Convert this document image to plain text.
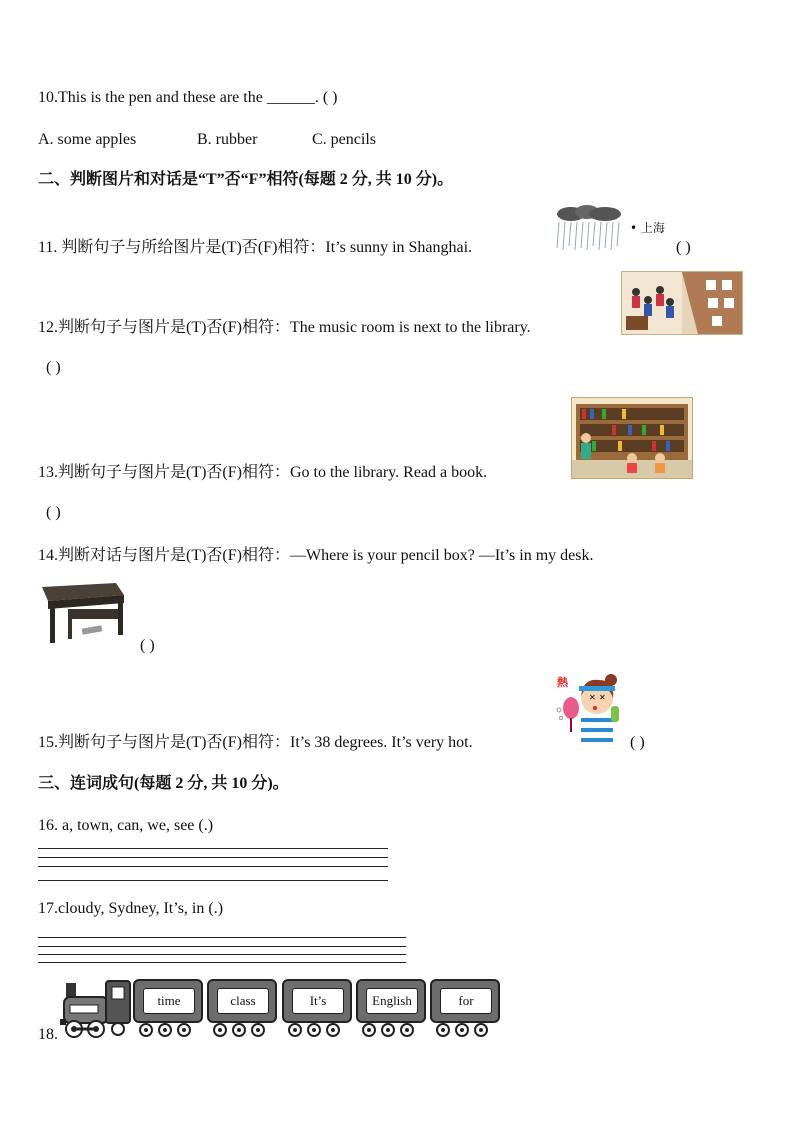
10.This is the pen and these are the ______. ( )
A. some apples	B. rubber	C. pencils
二、判断图片和对话是“T”否“F”相符(每题 2 分, 共 10 分)。
11. 判断句子与所给图片是(T)否(F)相符：It’s sunny in Shanghai.
• 上海
( )
12.判断句子与图片是(T)否(F)相符：The music room is next to the library.
( )
13.判断句子与图片是(T)否(F)相符：Go to the library. Read a book.
( )
14.判断对话与图片是(T)否(F)相符：—Where is your pencil box? —It’s in my desk.
( )
15.判断句子与图片是(T)否(F)相符：It’s 38 degrees. It’s very hot.
✕ ✕
熱
( )
三、连词成句(每题 2 分, 共 10 分)。
16. a, town, can, we, see (.)
17.cloudy, Sydney, It’s, in (.)
18.
time	class	It’s	English	for
